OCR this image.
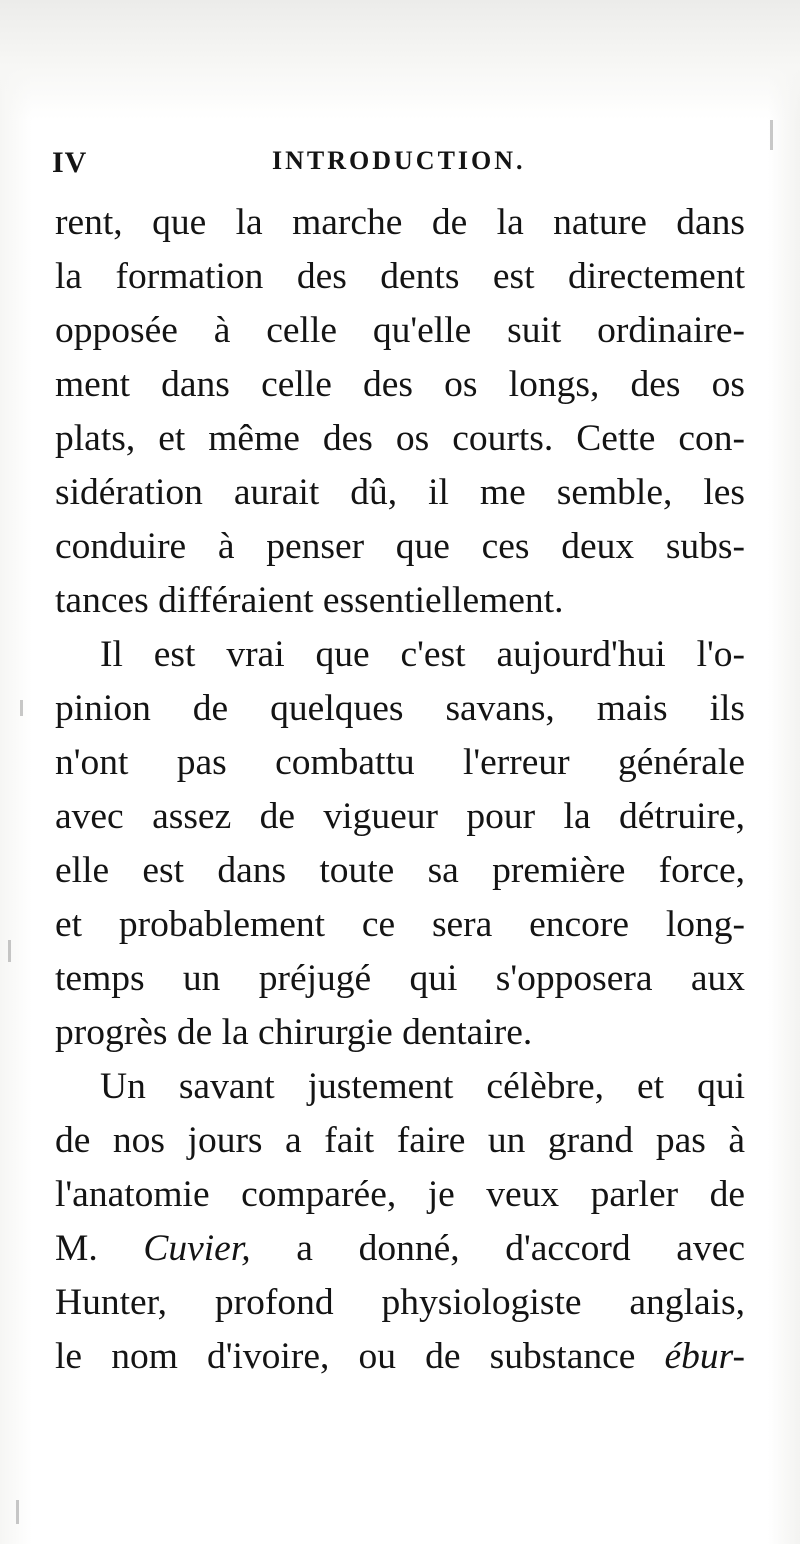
IV	INTRODUCTION.

rent, que la marche de la nature dans

la formation des dents est directement

opposée à celle qu'elle suit ordinaire-

ment dans celle des os longs, des os

plats, et même des os courts. Cette con-

sidération aurait dû, il me semble, les

conduire à penser que ces deux subs-

tances différaient essentiellement.

Il est vrai que c'est aujourd'hui l'o-

pinion de quelques savans, mais ils

n'ont pas combattu l'erreur générale

avec assez de vigueur pour la détruire,

elle est dans toute sa première force,

et probablement ce sera encore long-

temps un préjugé qui s'opposera aux

progrès de la chirurgie dentaire.

Un savant justement célèbre, et qui

de nos jours a fait faire un grand pas à

l'anatomie comparée, je veux parler de

M. Cuvier, a donné, d'accord avec

Hunter, profond physiologiste anglais,

le nom d'ivoire, ou de substance ébur-
